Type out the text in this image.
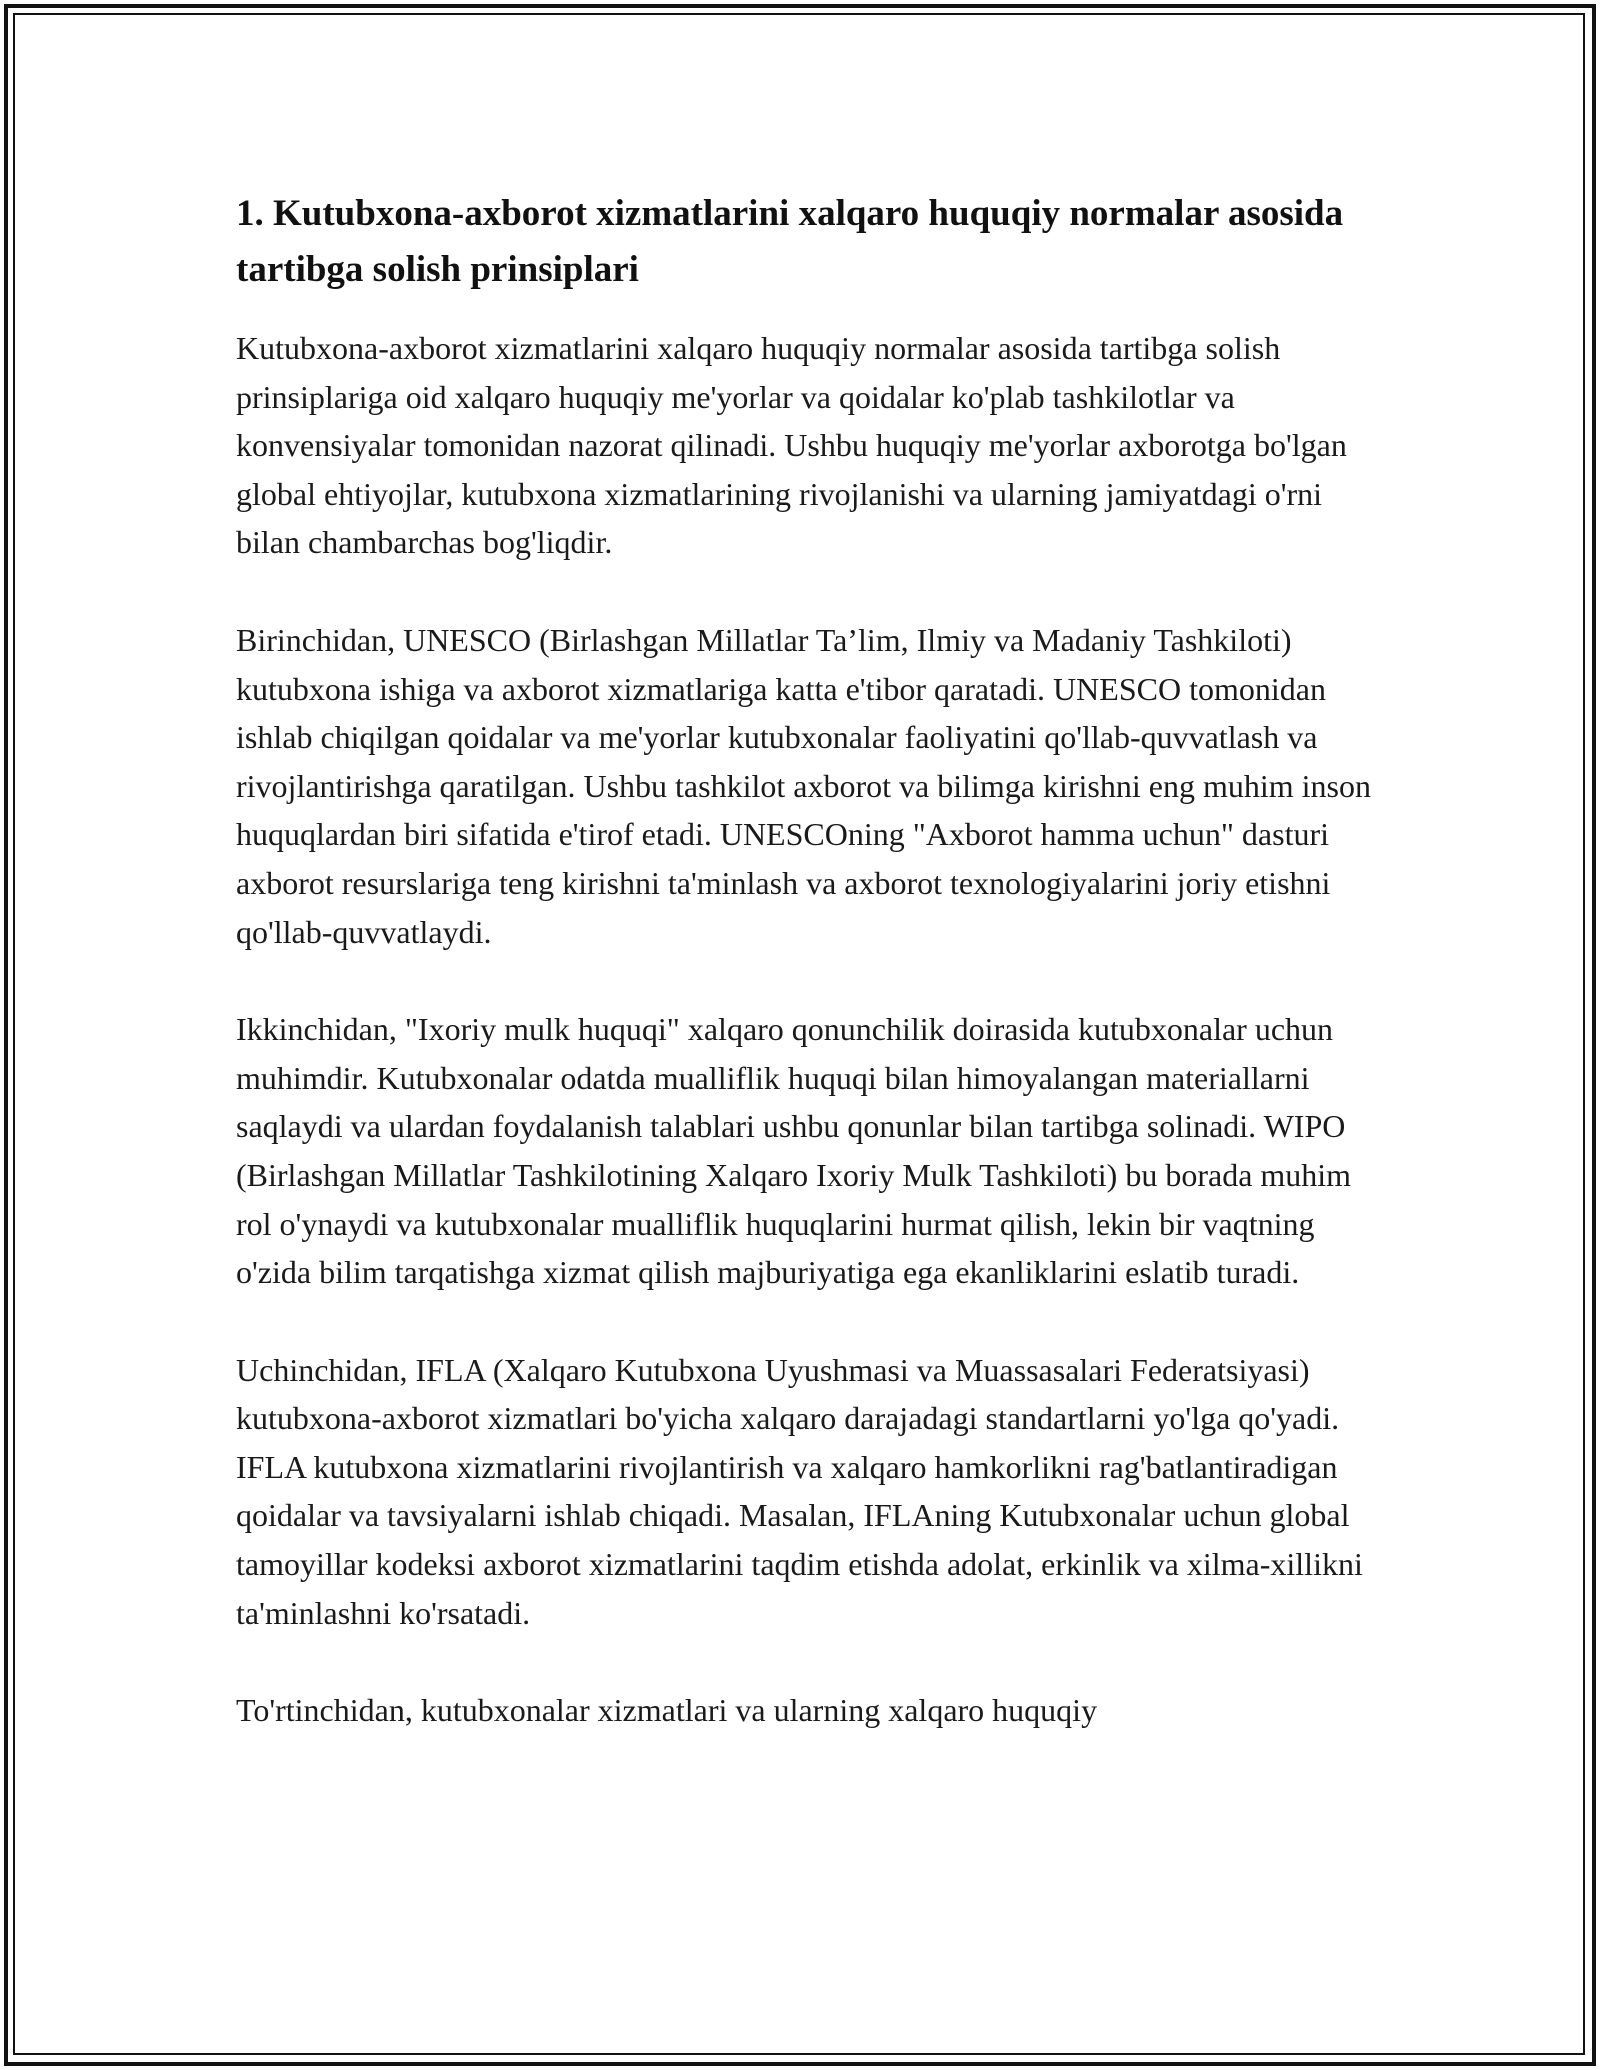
1. Kutubxona-axborot xizmatlarini xalqaro huquqiy normalar asosida tartibga solish prinsiplari

Kutubxona-axborot xizmatlarini xalqaro huquqiy normalar asosida tartibga solish prinsiplariga oid xalqaro huquqiy me'yorlar va qoidalar ko'plab tashkilotlar va konvensiyalar tomonidan nazorat qilinadi. Ushbu huquqiy me'yorlar axborotga bo'lgan global ehtiyojlar, kutubxona xizmatlarining rivojlanishi va ularning jamiyatdagi o'rni bilan chambarchas bog'liqdir.

Birinchidan, UNESCO (Birlashgan Millatlar Ta’lim, Ilmiy va Madaniy Tashkiloti) kutubxona ishiga va axborot xizmatlariga katta e'tibor qaratadi. UNESCO tomonidan ishlab chiqilgan qoidalar va me'yorlar kutubxonalar faoliyatini qo'llab-quvvatlash va rivojlantirishga qaratilgan. Ushbu tashkilot axborot va bilimga kirishni eng muhim inson huquqlardan biri sifatida e'tirof etadi. UNESCOning "Axborot hamma uchun" dasturi axborot resurslariga teng kirishni ta'minlash va axborot texnologiyalarini joriy etishni qo'llab-quvvatlaydi.

Ikkinchidan, "Ixoriy mulk huquqi" xalqaro qonunchilik doirasida kutubxonalar uchun muhimdir. Kutubxonalar odatda mualliflik huquqi bilan himoyalangan materiallarni saqlaydi va ulardan foydalanish talablari ushbu qonunlar bilan tartibga solinadi. WIPO (Birlashgan Millatlar Tashkilotining Xalqaro Ixoriy Mulk Tashkiloti) bu borada muhim rol o'ynaydi va kutubxonalar mualliflik huquqlarini hurmat qilish, lekin bir vaqtning o'zida bilim tarqatishga xizmat qilish majburiyatiga ega ekanliklarini eslatib turadi.

Uchinchidan, IFLA (Xalqaro Kutubxona Uyushmasi va Muassasalari Federatsiyasi) kutubxona-axborot xizmatlari bo'yicha xalqaro darajadagi standartlarni yo'lga qo'yadi. IFLA kutubxona xizmatlarini rivojlantirish va xalqaro hamkorlikni rag'batlantiradigan qoidalar va tavsiyalarni ishlab chiqadi. Masalan, IFLAning Kutubxonalar uchun global tamoyillar kodeksi axborot xizmatlarini taqdim etishda adolat, erkinlik va xilma-xillikni ta'minlashni ko'rsatadi.

To'rtinchidan, kutubxonalar xizmatlari va ularning xalqaro huquqiy
